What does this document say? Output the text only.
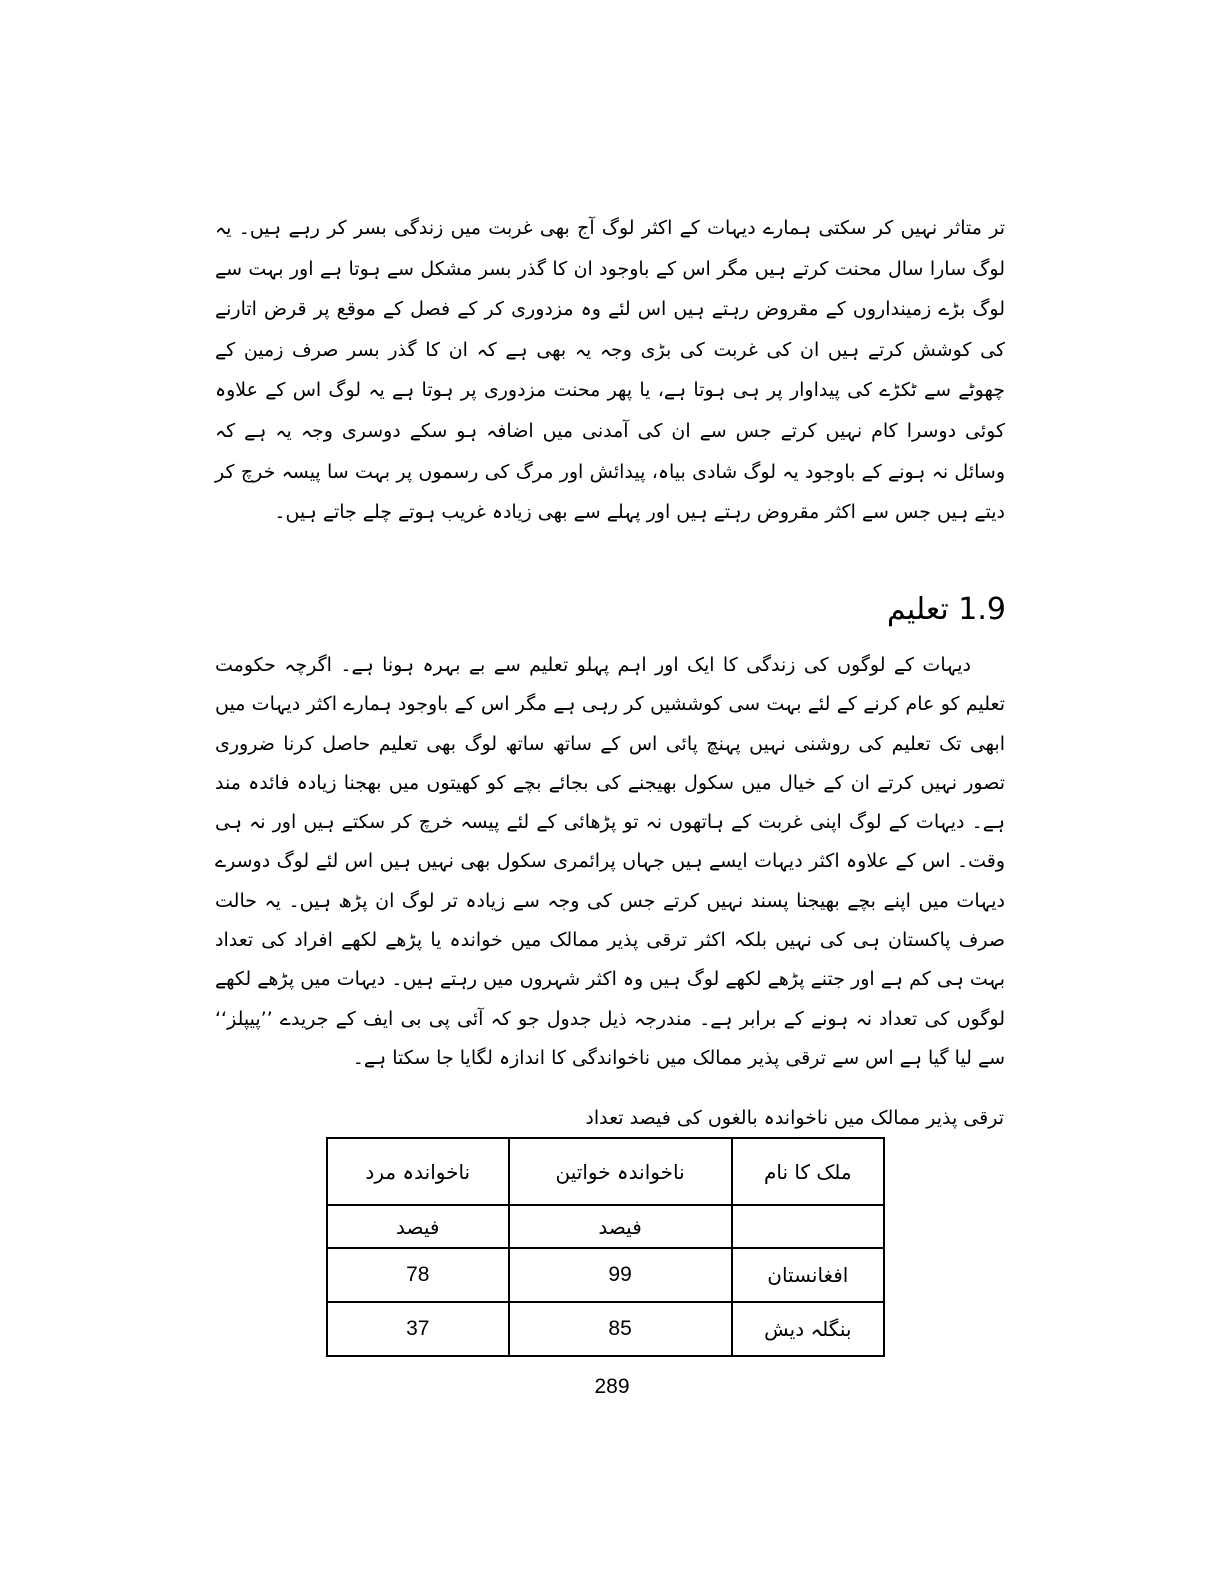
تر متاثر نہیں کر سکتی ہمارے دیہات کے اکثر لوگ آج بھی غربت میں زندگی بسر کر رہے ہیں۔ یہ لوگ سارا سال محنت کرتے ہیں مگر اس کے باوجود ان کا گذر بسر مشکل سے ہوتا ہے اور بہت سے لوگ بڑے زمینداروں کے مقروض رہتے ہیں اس لئے وہ مزدوری کر کے فصل کے موقع پر قرض اتارنے کی کوشش کرتے ہیں ان کی غربت کی بڑی وجہ یہ بھی ہے کہ ان کا گذر بسر صرف زمین کے چھوٹے سے ٹکڑے کی پیداوار پر ہی ہوتا ہے، یا پھر محنت مزدوری پر ہوتا ہے یہ لوگ اس کے علاوہ کوئی دوسرا کام نہیں کرتے جس سے ان کی آمدنی میں اضافہ ہو سکے دوسری وجہ یہ ہے کہ وسائل نہ ہونے کے باوجود یہ لوگ شادی بیاہ، پیدائش اور مرگ کی رسموں پر بہت سا پیسہ خرچ کر دیتے ہیں جس سے اکثر مقروض رہتے ہیں اور پہلے سے بھی زیادہ غریب ہوتے چلے جاتے ہیں۔

1.9 تعلیم

دیہات کے لوگوں کی زندگی کا ایک اور اہم پہلو تعلیم سے بے بہرہ ہونا ہے۔ اگرچہ حکومت تعلیم کو عام کرنے کے لئے بہت سی کوششیں کر رہی ہے مگر اس کے باوجود ہمارے اکثر دیہات میں ابھی تک تعلیم کی روشنی نہیں پہنچ پائی اس کے ساتھ ساتھ لوگ بھی تعلیم حاصل کرنا ضروری تصور نہیں کرتے ان کے خیال میں سکول بھیجنے کی بجائے بچے کو کھیتوں میں بھجنا زیادہ فائدہ مند ہے۔ دیہات کے لوگ اپنی غربت کے ہاتھوں نہ تو پڑھائی کے لئے پیسہ خرچ کر سکتے ہیں اور نہ ہی وقت۔ اس کے علاوہ اکثر دیہات ایسے ہیں جہاں پرائمری سکول بھی نہیں ہیں اس لئے لوگ دوسرے دیہات میں اپنے بچے بھیجنا پسند نہیں کرتے جس کی وجہ سے زیادہ تر لوگ ان پڑھ ہیں۔ یہ حالت صرف پاکستان ہی کی نہیں بلکہ اکثر ترقی پذیر ممالک میں خواندہ یا پڑھے لکھے افراد کی تعداد بہت ہی کم ہے اور جتنے پڑھے لکھے لوگ ہیں وہ اکثر شہروں میں رہتے ہیں۔ دیہات میں پڑھے لکھے لوگوں کی تعداد نہ ہونے کے برابر ہے۔ مندرجہ ذیل جدول جو کہ آئی پی بی ایف کے جریدے ’’پیپلز‘‘ سے لیا گیا ہے اس سے ترقی پذیر ممالک میں ناخواندگی کا اندازہ لگایا جا سکتا ہے۔

ترقی پذیر ممالک میں ناخواندہ بالغوں کی فیصد تعداد
ملک کا نام	ناخواندہ خواتین	ناخواندہ مرد
	فیصد	فیصد
افغانستان	99	78
بنگلہ دیش	85	37
289
